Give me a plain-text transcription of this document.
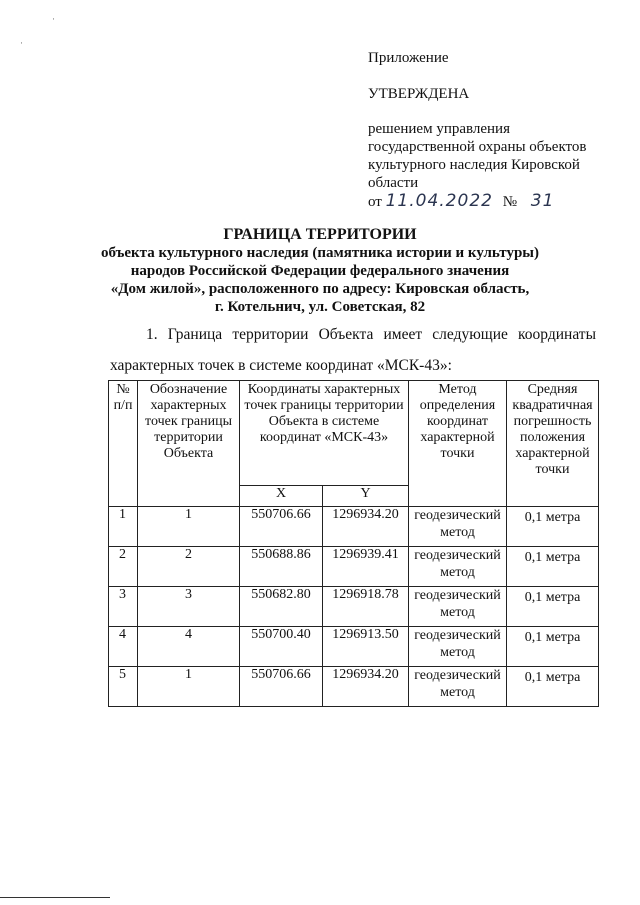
·
·
Приложение
УТВЕРЖДЕНА
решением управления
государственной охраны объектов
культурного наследия Кировской
области
от 11.04.2022 № 31
ГРАНИЦА ТЕРРИТОРИИ
объекта культурного наследия (памятника истории и культуры)
народов Российской Федерации федерального значения
«Дом жилой», расположенного по адресу: Кировская область,
г. Котельнич, ул. Советская, 82
1. Граница территории Объекта имеет следующие координаты
характерных точек в системе координат «МСК-43»:
№ п/п	Обозначение характерных точек границы территории Объекта	Координаты характерных точек границы территории Объекта в системе координат «МСК-43»		Метод определения координат характерной точки	Средняя квадратичная погрешность положения характерной точки
		X	Y		
1	1	550706.66	1296934.20	геодезический метод	0,1 метра
2	2	550688.86	1296939.41	геодезический метод	0,1 метра
3	3	550682.80	1296918.78	геодезический метод	0,1 метра
4	4	550700.40	1296913.50	геодезический метод	0,1 метра
5	1	550706.66	1296934.20	геодезический метод	0,1 метра
